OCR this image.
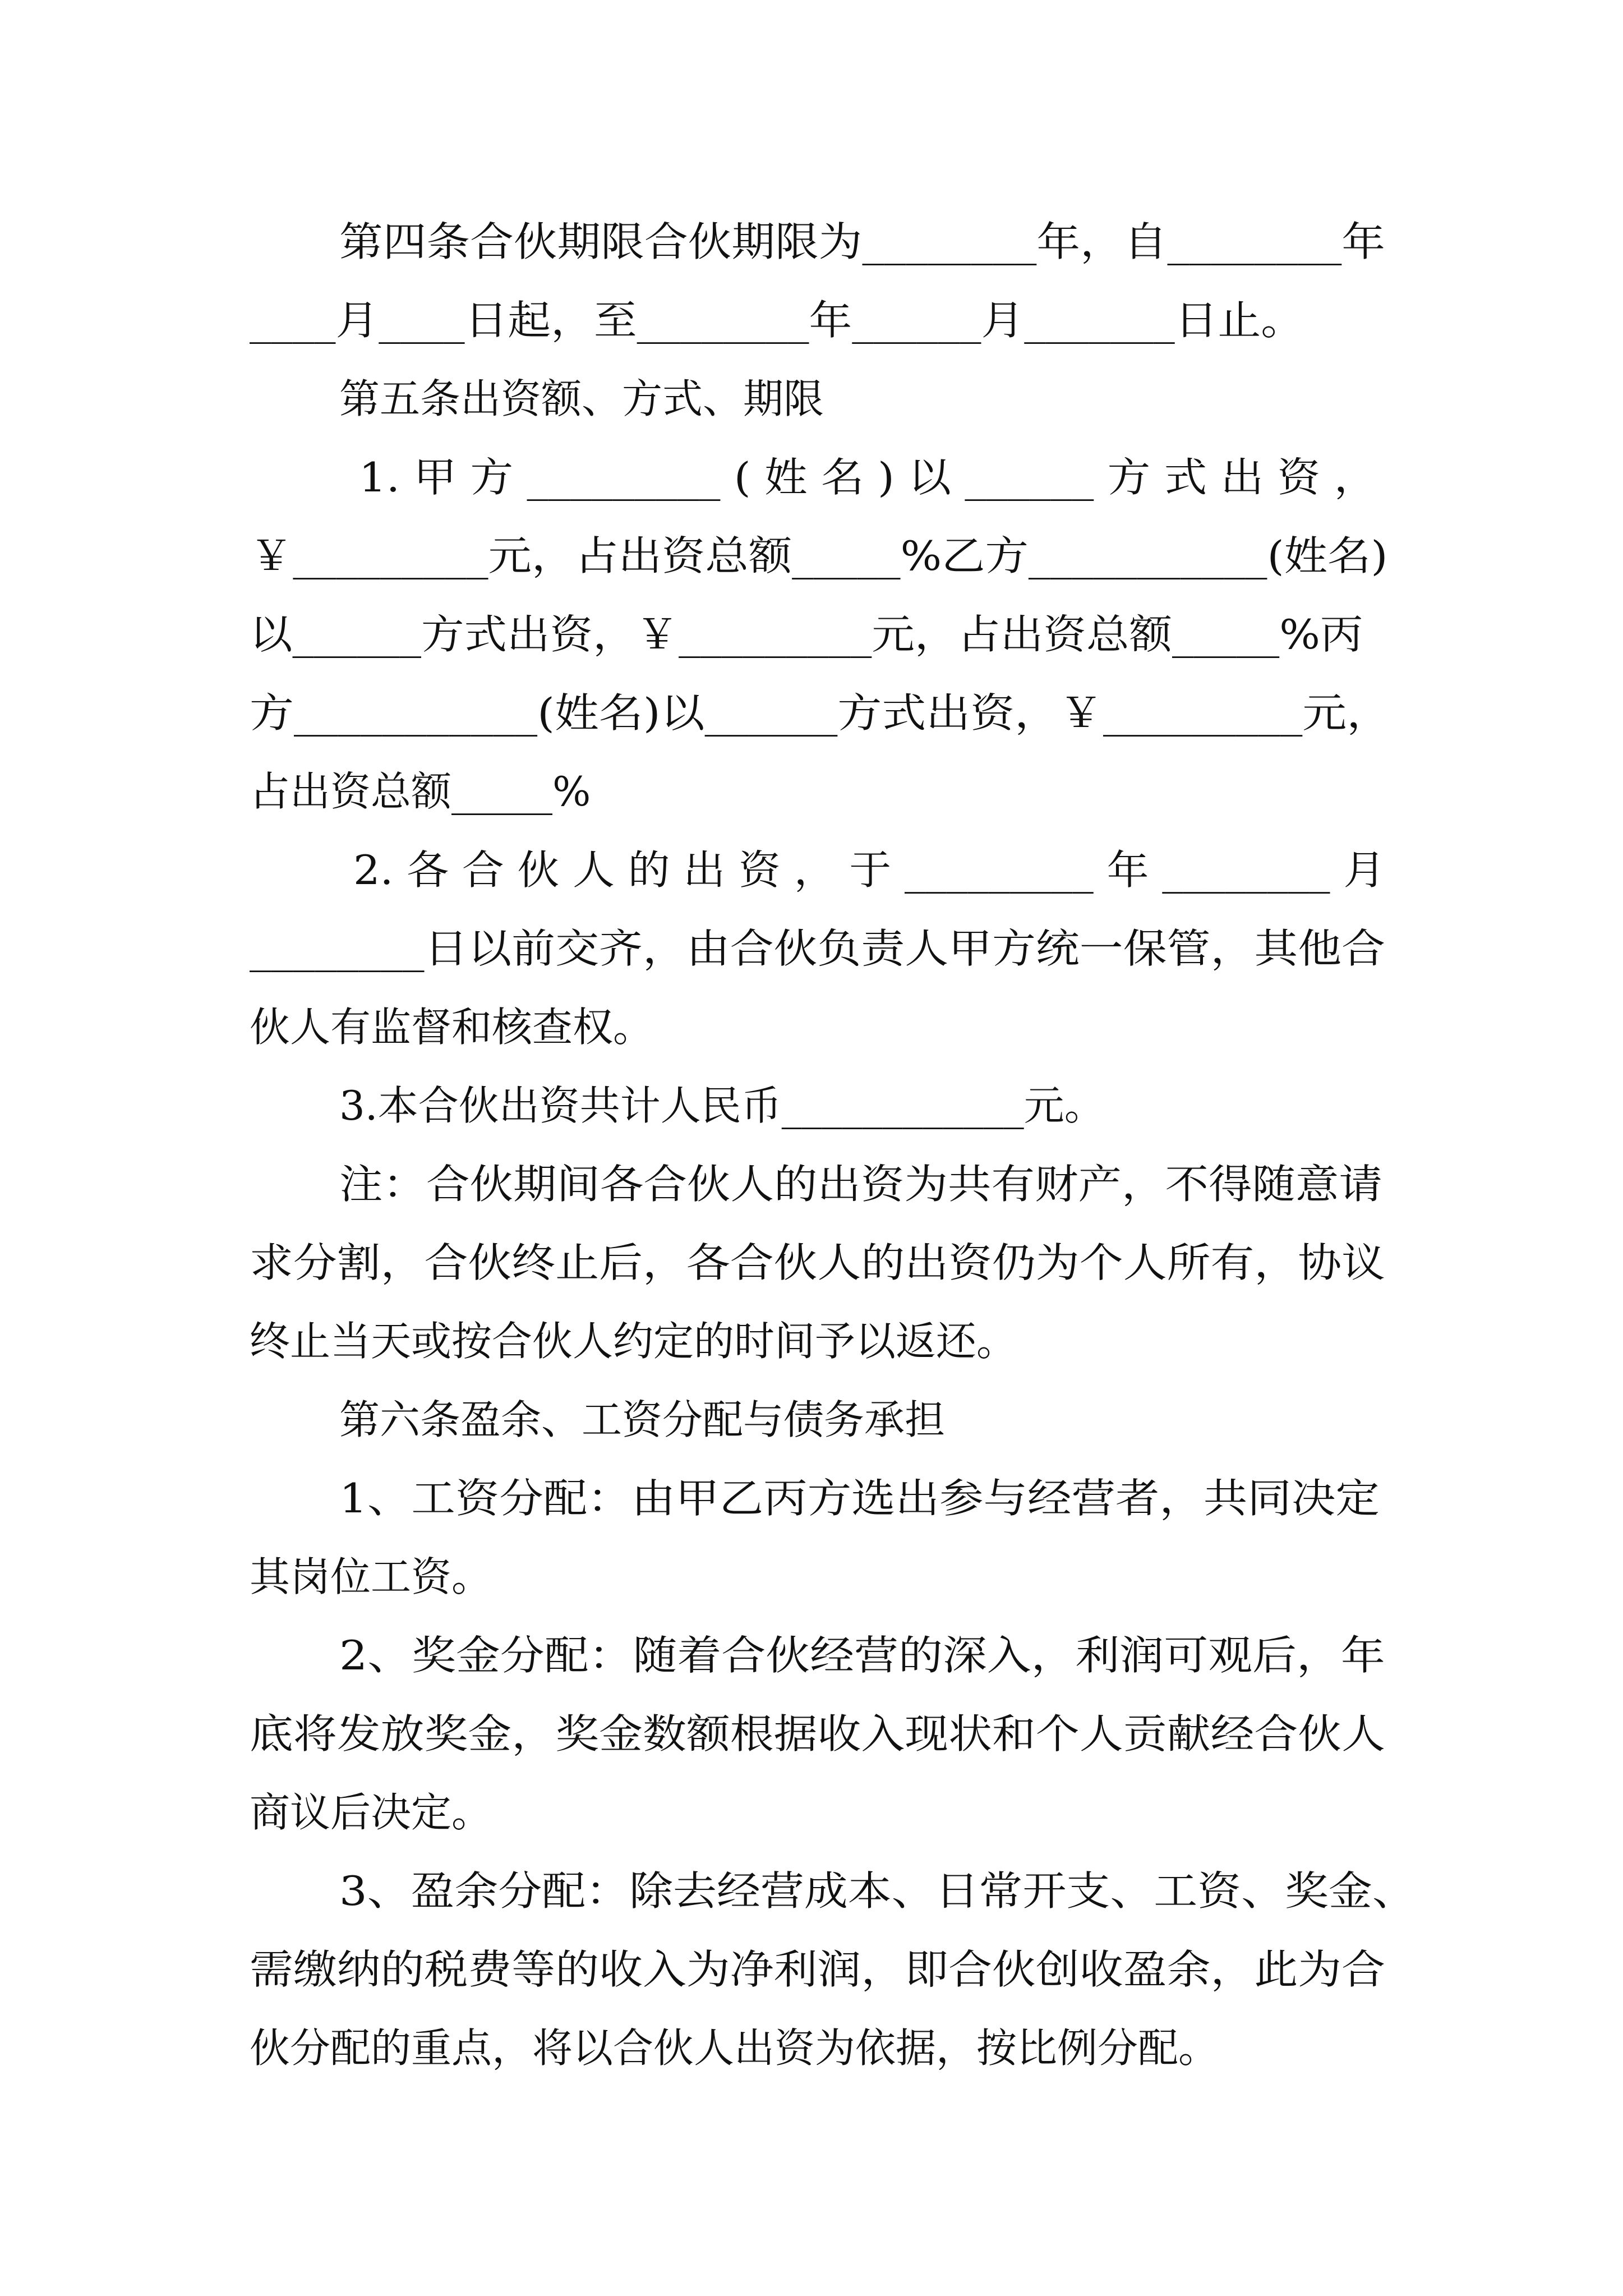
第四条合伙期限合伙期限为________年，自________年
____月____日起，至________年______月_______日止。
第五条出资额、方式、期限
1. 甲 方 _________ ( 姓 名 ) 以 ______ 方 式 出 资 ，
￥_________元，占出资总额_____%乙方___________(姓名)
以______方式出资，￥_________元，占出资总额_____%丙
方___________(姓名)以______方式出资，￥_________元，
占出资总额_____%
2. 各 合 伙 人 的 出 资 ， 于 _________ 年 ________ 月
________日以前交齐，由合伙负责人甲方统一保管，其他合
伙人有监督和核查权。
3.本合伙出资共计人民币____________元。
注：合伙期间各合伙人的出资为共有财产，不得随意请
求分割，合伙终止后，各合伙人的出资仍为个人所有，协议
终止当天或按合伙人约定的时间予以返还。
第六条盈余、工资分配与债务承担
1、工资分配：由甲乙丙方选出参与经营者，共同决定
其岗位工资。
2、奖金分配：随着合伙经营的深入，利润可观后，年
底将发放奖金，奖金数额根据收入现状和个人贡献经合伙人
商议后决定。
3、盈余分配：除去经营成本、日常开支、工资、奖金、
需缴纳的税费等的收入为净利润，即合伙创收盈余，此为合
伙分配的重点，将以合伙人出资为依据，按比例分配。
